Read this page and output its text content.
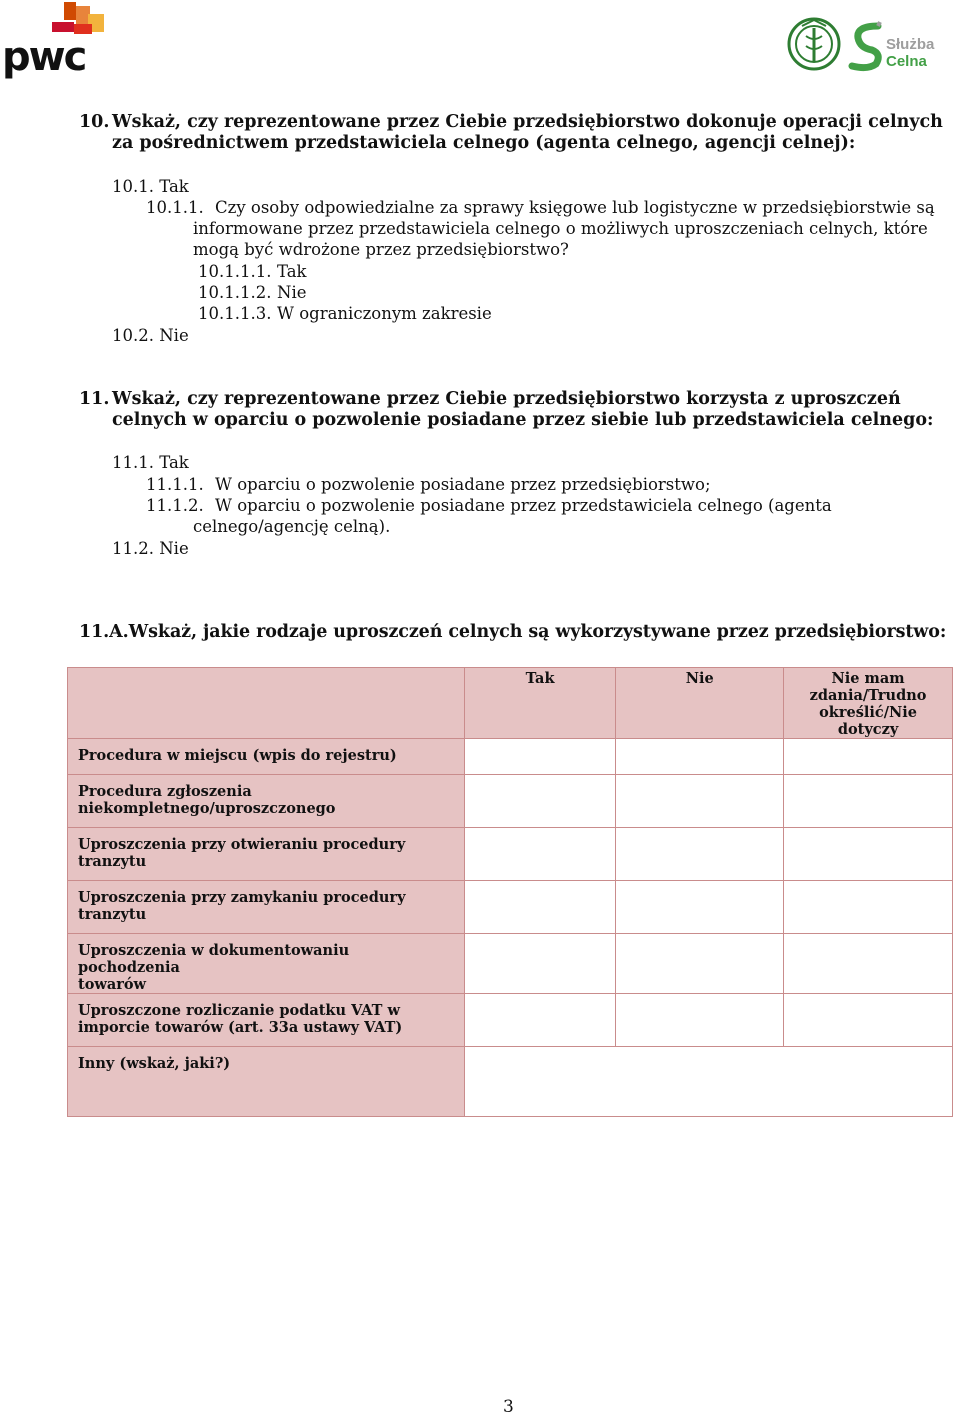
pwc	Służba
Celna
10. Wskaż, czy reprezentowane przez Ciebie przedsiębiorstwo dokonuje operacji celnych
za pośrednictwem przedstawiciela celnego (agenta celnego, agencji celnej):
10.1. Tak
10.1.1. Czy osoby odpowiedzialne za sprawy księgowe lub logistyczne w przedsiębiorstwie są
informowane przez przedstawiciela celnego o możliwych uproszczeniach celnych, które
mogą być wdrożone przez przedsiębiorstwo?
10.1.1.1. Tak
10.1.1.2. Nie
10.1.1.3. W ograniczonym zakresie
10.2. Nie
11. Wskaż, czy reprezentowane przez Ciebie przedsiębiorstwo korzysta z uproszczeń
celnych w oparciu o pozwolenie posiadane przez siebie lub przedstawiciela celnego:
11.1. Tak
11.1.1. W oparciu o pozwolenie posiadane przez przedsiębiorstwo;
11.1.2. W oparciu o pozwolenie posiadane przez przedstawiciela celnego (agenta
celnego/agencję celną).
11.2. Nie
11.A.Wskaż, jakie rodzaje uproszczeń celnych są wykorzystywane przez przedsiębiorstwo:
	Tak	Nie	Nie mam
zdania/Trudno
określić/Nie
dotyczy

Procedura w miejscu (wpis do rejestru)			

Procedura zgłoszenia
niekompletnego/uproszczonego			

Uproszczenia przy otwieraniu procedury
tranzytu			

Uproszczenia przy zamykaniu procedury
tranzytu			

Uproszczenia w dokumentowaniu pochodzenia
towarów			

Uproszczone rozliczanie podatku VAT w
imporcie towarów (art. 33a ustawy VAT)			

Inny (wskaż, jaki?)			

3
